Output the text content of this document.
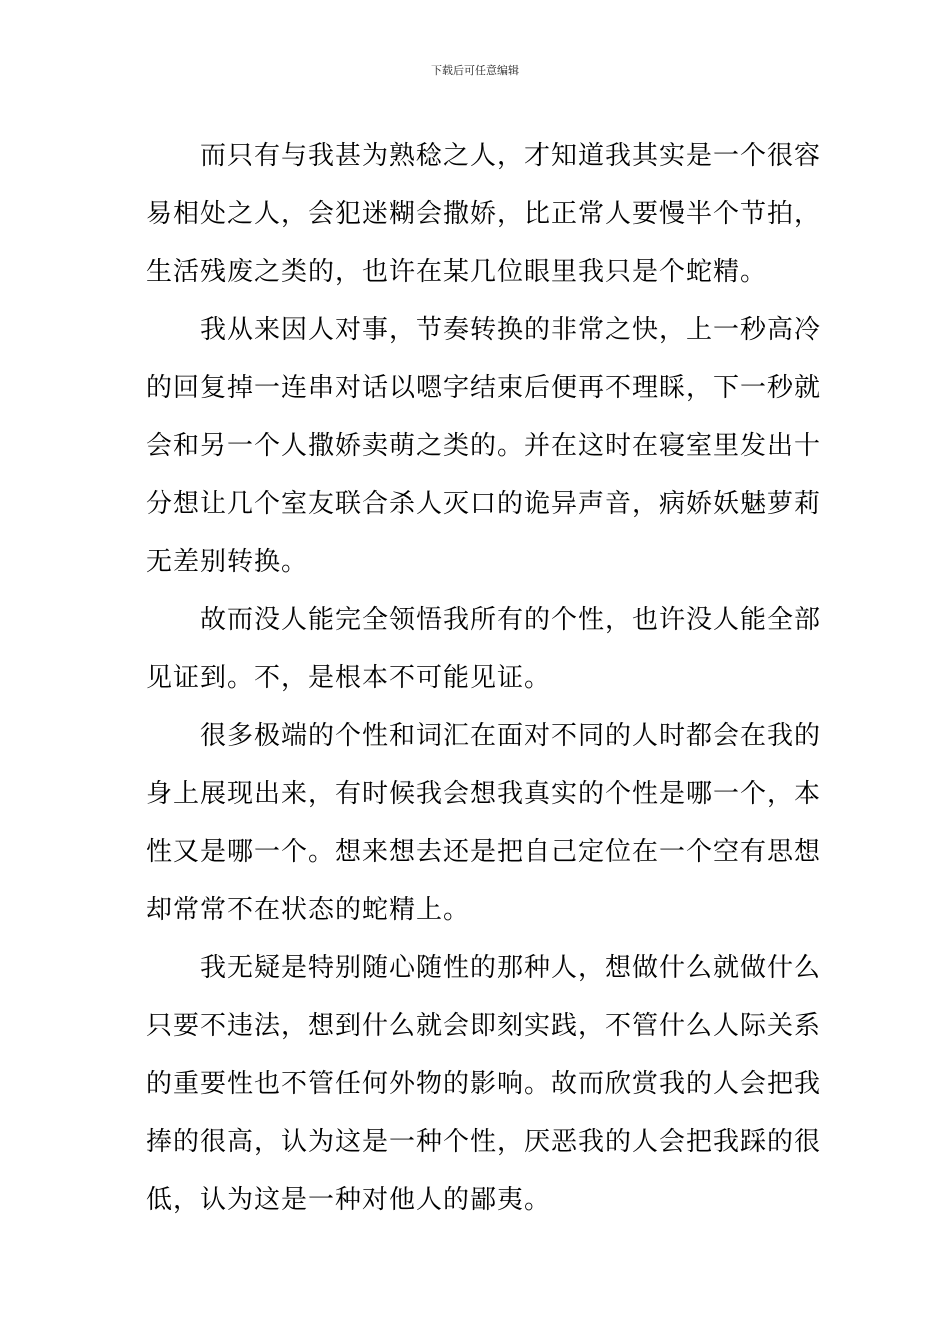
下载后可任意编辑
而只有与我甚为熟稔之人，才知道我其实是一个很容
易相处之人，会犯迷糊会撒娇，比正常人要慢半个节拍，
生活残废之类的，也许在某几位眼里我只是个蛇精。
我从来因人对事，节奏转换的非常之快，上一秒高冷
的回复掉一连串对话以嗯字结束后便再不理睬，下一秒就
会和另一个人撒娇卖萌之类的。并在这时在寝室里发出十
分想让几个室友联合杀人灭口的诡异声音，病娇妖魅萝莉
无差别转换。
故而没人能完全领悟我所有的个性，也许没人能全部
见证到。不，是根本不可能见证。
很多极端的个性和词汇在面对不同的人时都会在我的
身上展现出来，有时候我会想我真实的个性是哪一个，本
性又是哪一个。想来想去还是把自己定位在一个空有思想
却常常不在状态的蛇精上。
我无疑是特别随心随性的那种人，想做什么就做什么
只要不违法，想到什么就会即刻实践，不管什么人际关系
的重要性也不管任何外物的影响。故而欣赏我的人会把我
捧的很高，认为这是一种个性，厌恶我的人会把我踩的很
低，认为这是一种对他人的鄙夷。
